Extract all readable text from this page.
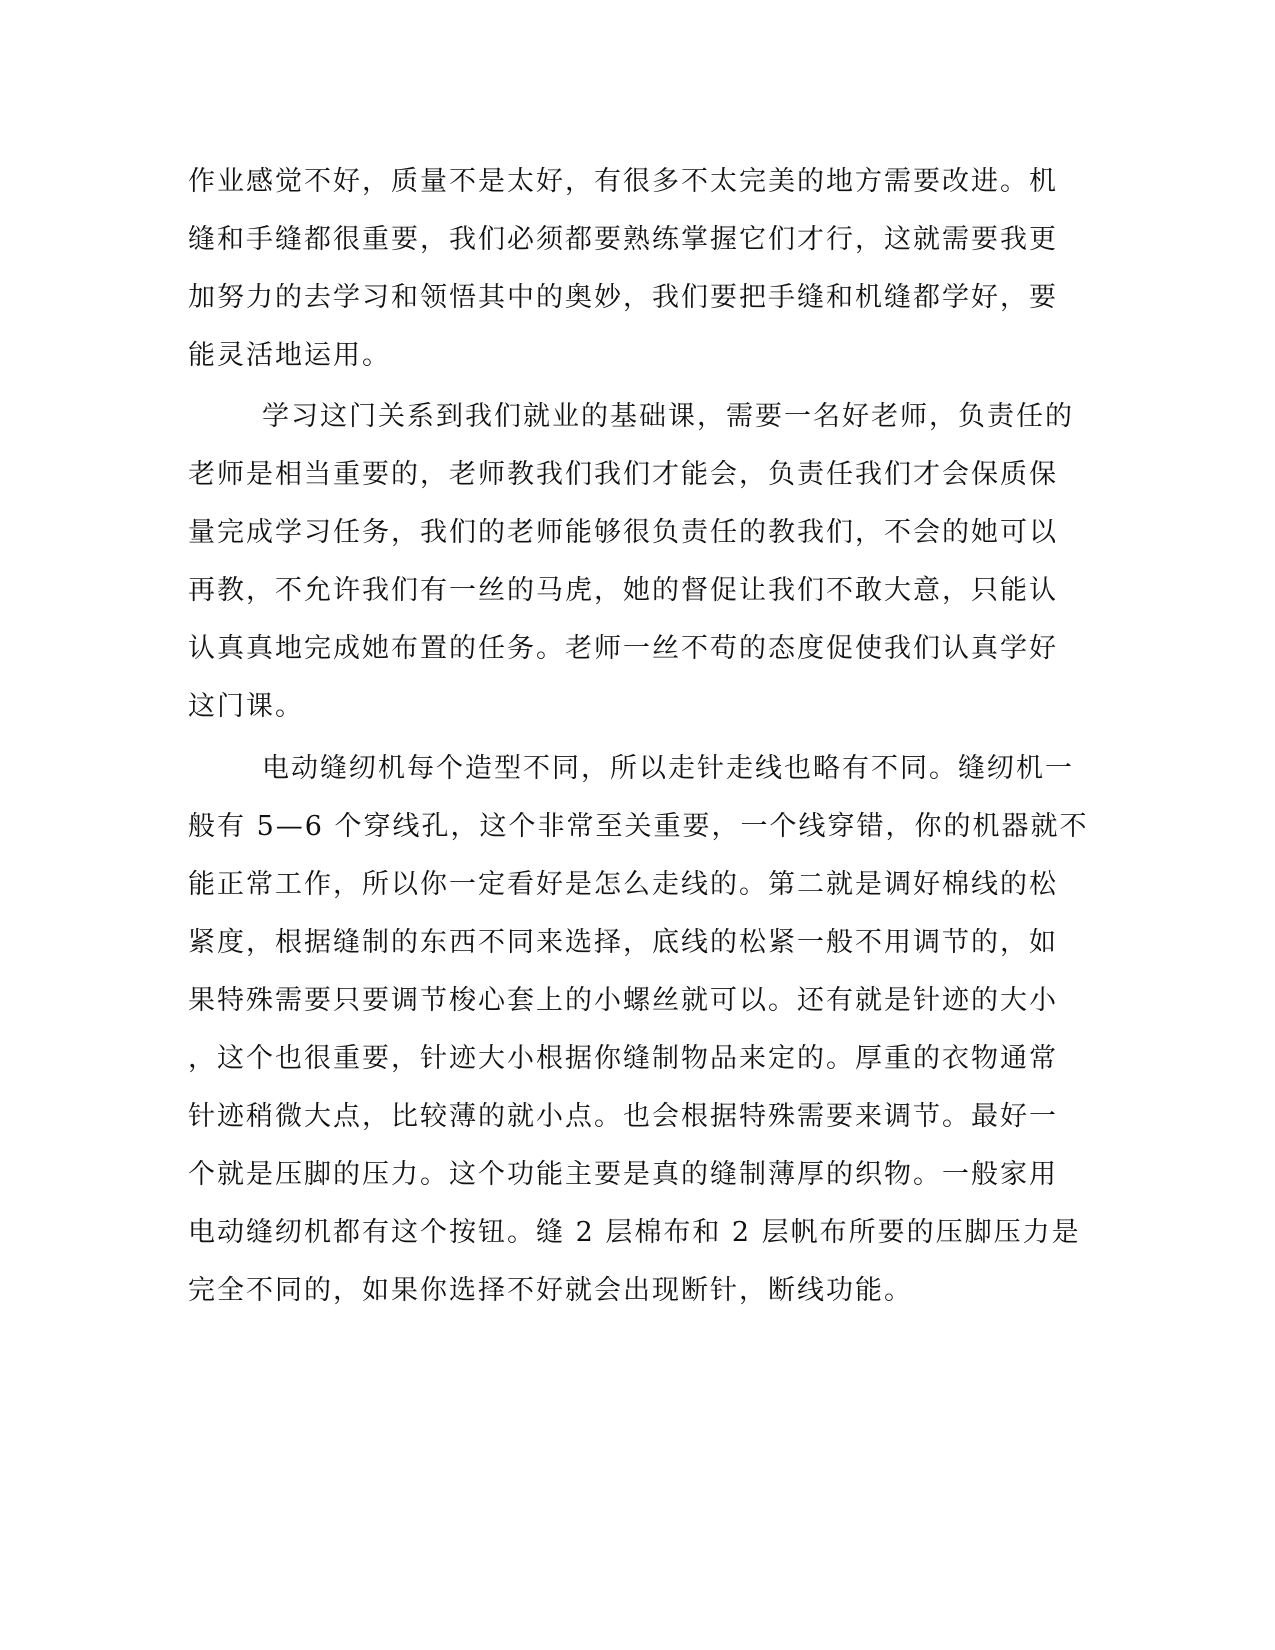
作业感觉不好，质量不是太好，有很多不太完美的地方需要改进。机
缝和手缝都很重要，我们必须都要熟练掌握它们才行，这就需要我更
加努力的去学习和领悟其中的奥妙，我们要把手缝和机缝都学好，要
能灵活地运用。
学习这门关系到我们就业的基础课，需要一名好老师，负责任的
老师是相当重要的，老师教我们我们才能会，负责任我们才会保质保
量完成学习任务，我们的老师能够很负责任的教我们，不会的她可以
再教，不允许我们有一丝的马虎，她的督促让我们不敢大意，只能认
认真真地完成她布置的任务。老师一丝不苟的态度促使我们认真学好
这门课。
电动缝纫机每个造型不同，所以走针走线也略有不同。缝纫机一
般有 5—6 个穿线孔，这个非常至关重要，一个线穿错，你的机器就不
能正常工作，所以你一定看好是怎么走线的。第二就是调好棉线的松
紧度，根据缝制的东西不同来选择，底线的松紧一般不用调节的，如
果特殊需要只要调节梭心套上的小螺丝就可以。还有就是针迹的大小
，这个也很重要，针迹大小根据你缝制物品来定的。厚重的衣物通常
针迹稍微大点，比较薄的就小点。也会根据特殊需要来调节。最好一
个就是压脚的压力。这个功能主要是真的缝制薄厚的织物。一般家用
电动缝纫机都有这个按钮。缝 2 层棉布和 2 层帆布所要的压脚压力是
完全不同的，如果你选择不好就会出现断针，断线功能。
